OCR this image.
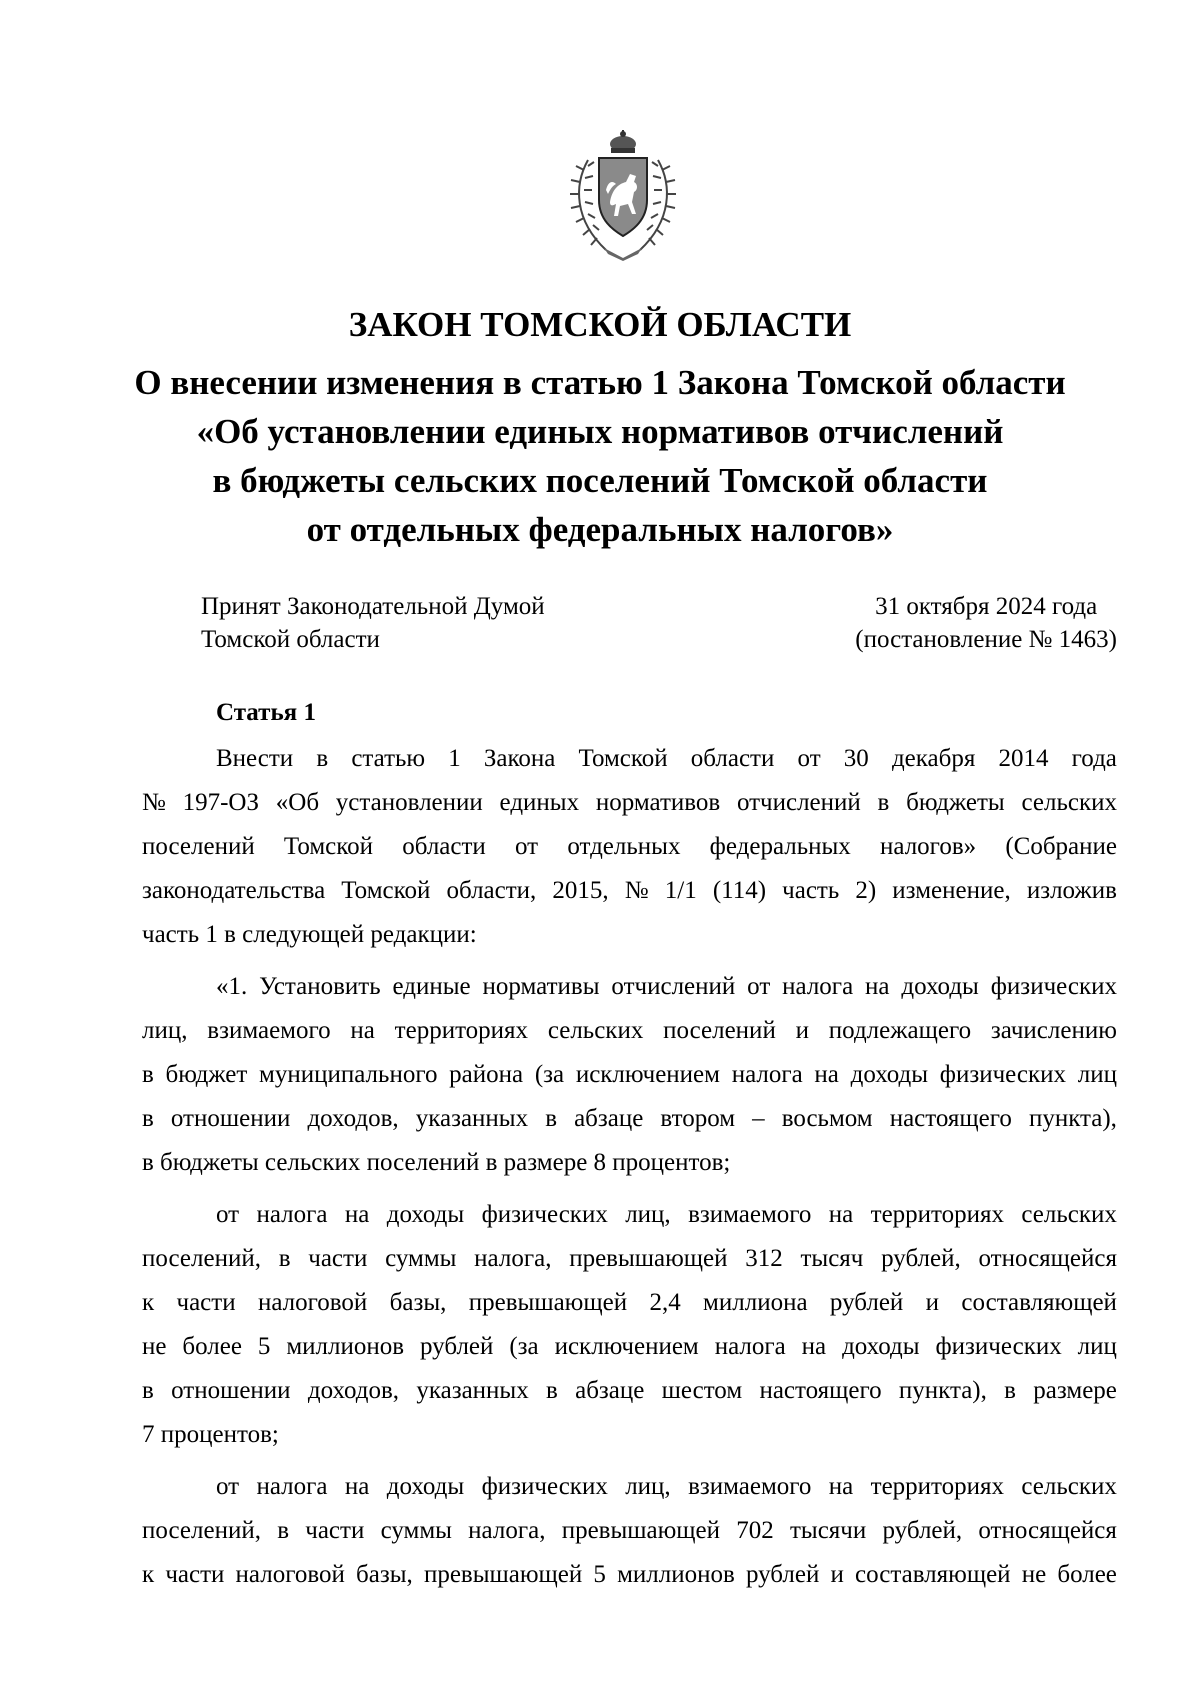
ЗАКОН ТОМСКОЙ ОБЛАСТИ
О внесении изменения в статью 1 Закона Томской области
«Об установлении единых нормативов отчислений
в бюджеты сельских поселений Томской области
от отдельных федеральных налогов»
Принят Законодательной Думой
Томской области
31 октября 2024 года
(постановление № 1463)
Статья 1
Внести в статью 1 Закона Томской области от 30 декабря 2014 года
№ 197-ОЗ «Об установлении единых нормативов отчислений в бюджеты сельских
поселений Томской области от отдельных федеральных налогов» (Собрание
законодательства Томской области, 2015, № 1/1 (114) часть 2) изменение, изложив
часть 1 в следующей редакции:
«1. Установить единые нормативы отчислений от налога на доходы физических
лиц, взимаемого на территориях сельских поселений и подлежащего зачислению
в бюджет муниципального района (за исключением налога на доходы физических лиц
в отношении доходов, указанных в абзаце втором – восьмом настоящего пункта),
в бюджеты сельских поселений в размере 8 процентов;
от налога на доходы физических лиц, взимаемого на территориях сельских
поселений, в части суммы налога, превышающей 312 тысяч рублей, относящейся
к части налоговой базы, превышающей 2,4 миллиона рублей и составляющей
не более 5 миллионов рублей (за исключением налога на доходы физических лиц
в отношении доходов, указанных в абзаце шестом настоящего пункта), в размере
7 процентов;
от налога на доходы физических лиц, взимаемого на территориях сельских
поселений, в части суммы налога, превышающей 702 тысячи рублей, относящейся
к части налоговой базы, превышающей 5 миллионов рублей и составляющей не более
